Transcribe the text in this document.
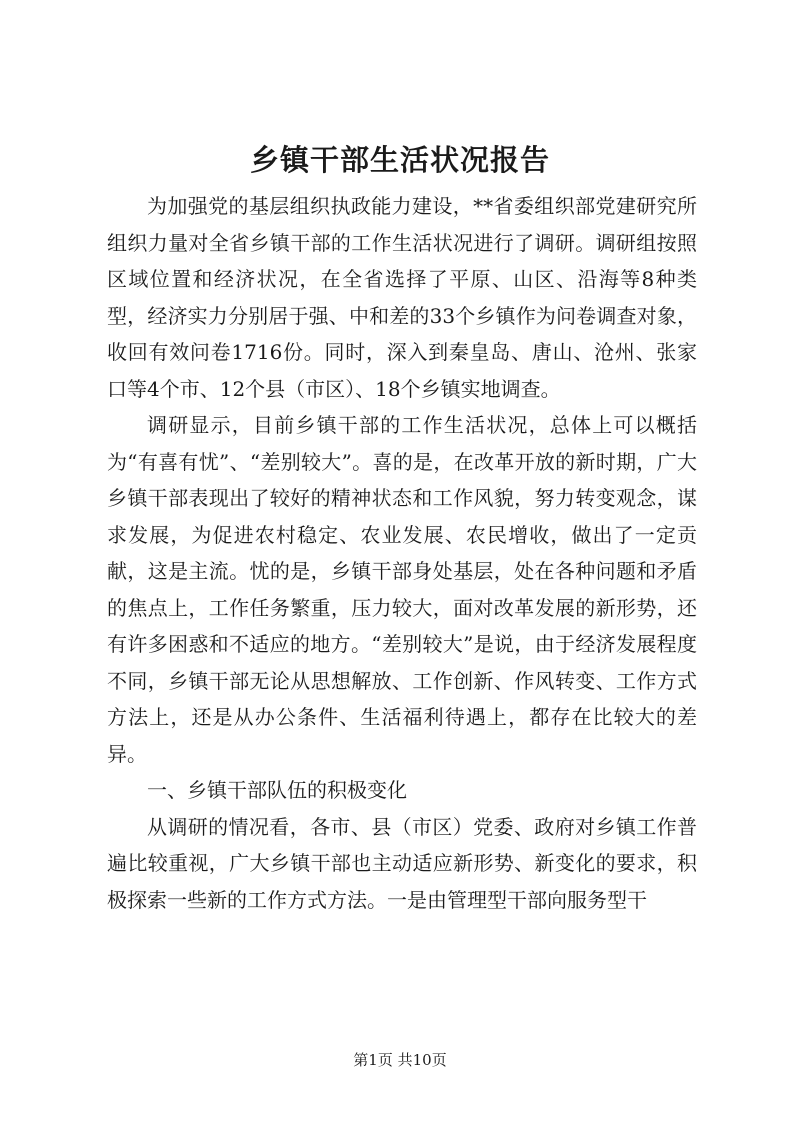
乡镇干部生活状况报告

为加强党的基层组织执政能力建设，**省委组织部党建研究所组织力量对全省乡镇干部的工作生活状况进行了调研。调研组按照区域位置和经济状况，在全省选择了平原、山区、沿海等8种类型，经济实力分别居于强、中和差的33个乡镇作为问卷调查对象，收回有效问卷1716份。同时，深入到秦皇岛、唐山、沧州、张家口等4个市、12个县（市区）、18个乡镇实地调查。

调研显示，目前乡镇干部的工作生活状况，总体上可以概括为“有喜有忧”、“差别较大”。喜的是，在改革开放的新时期，广大乡镇干部表现出了较好的精神状态和工作风貌，努力转变观念，谋求发展，为促进农村稳定、农业发展、农民增收，做出了一定贡献，这是主流。忧的是，乡镇干部身处基层，处在各种问题和矛盾的焦点上，工作任务繁重，压力较大，面对改革发展的新形势，还有许多困惑和不适应的地方。“差别较大”是说，由于经济发展程度不同，乡镇干部无论从思想解放、工作创新、作风转变、工作方式方法上，还是从办公条件、生活福利待遇上，都存在比较大的差异。

一、乡镇干部队伍的积极变化

从调研的情况看，各市、县（市区）党委、政府对乡镇工作普遍比较重视，广大乡镇干部也主动适应新形势、新变化的要求，积极探索一些新的工作方式方法。一是由管理型干部向服务型干

第1页 共10页
